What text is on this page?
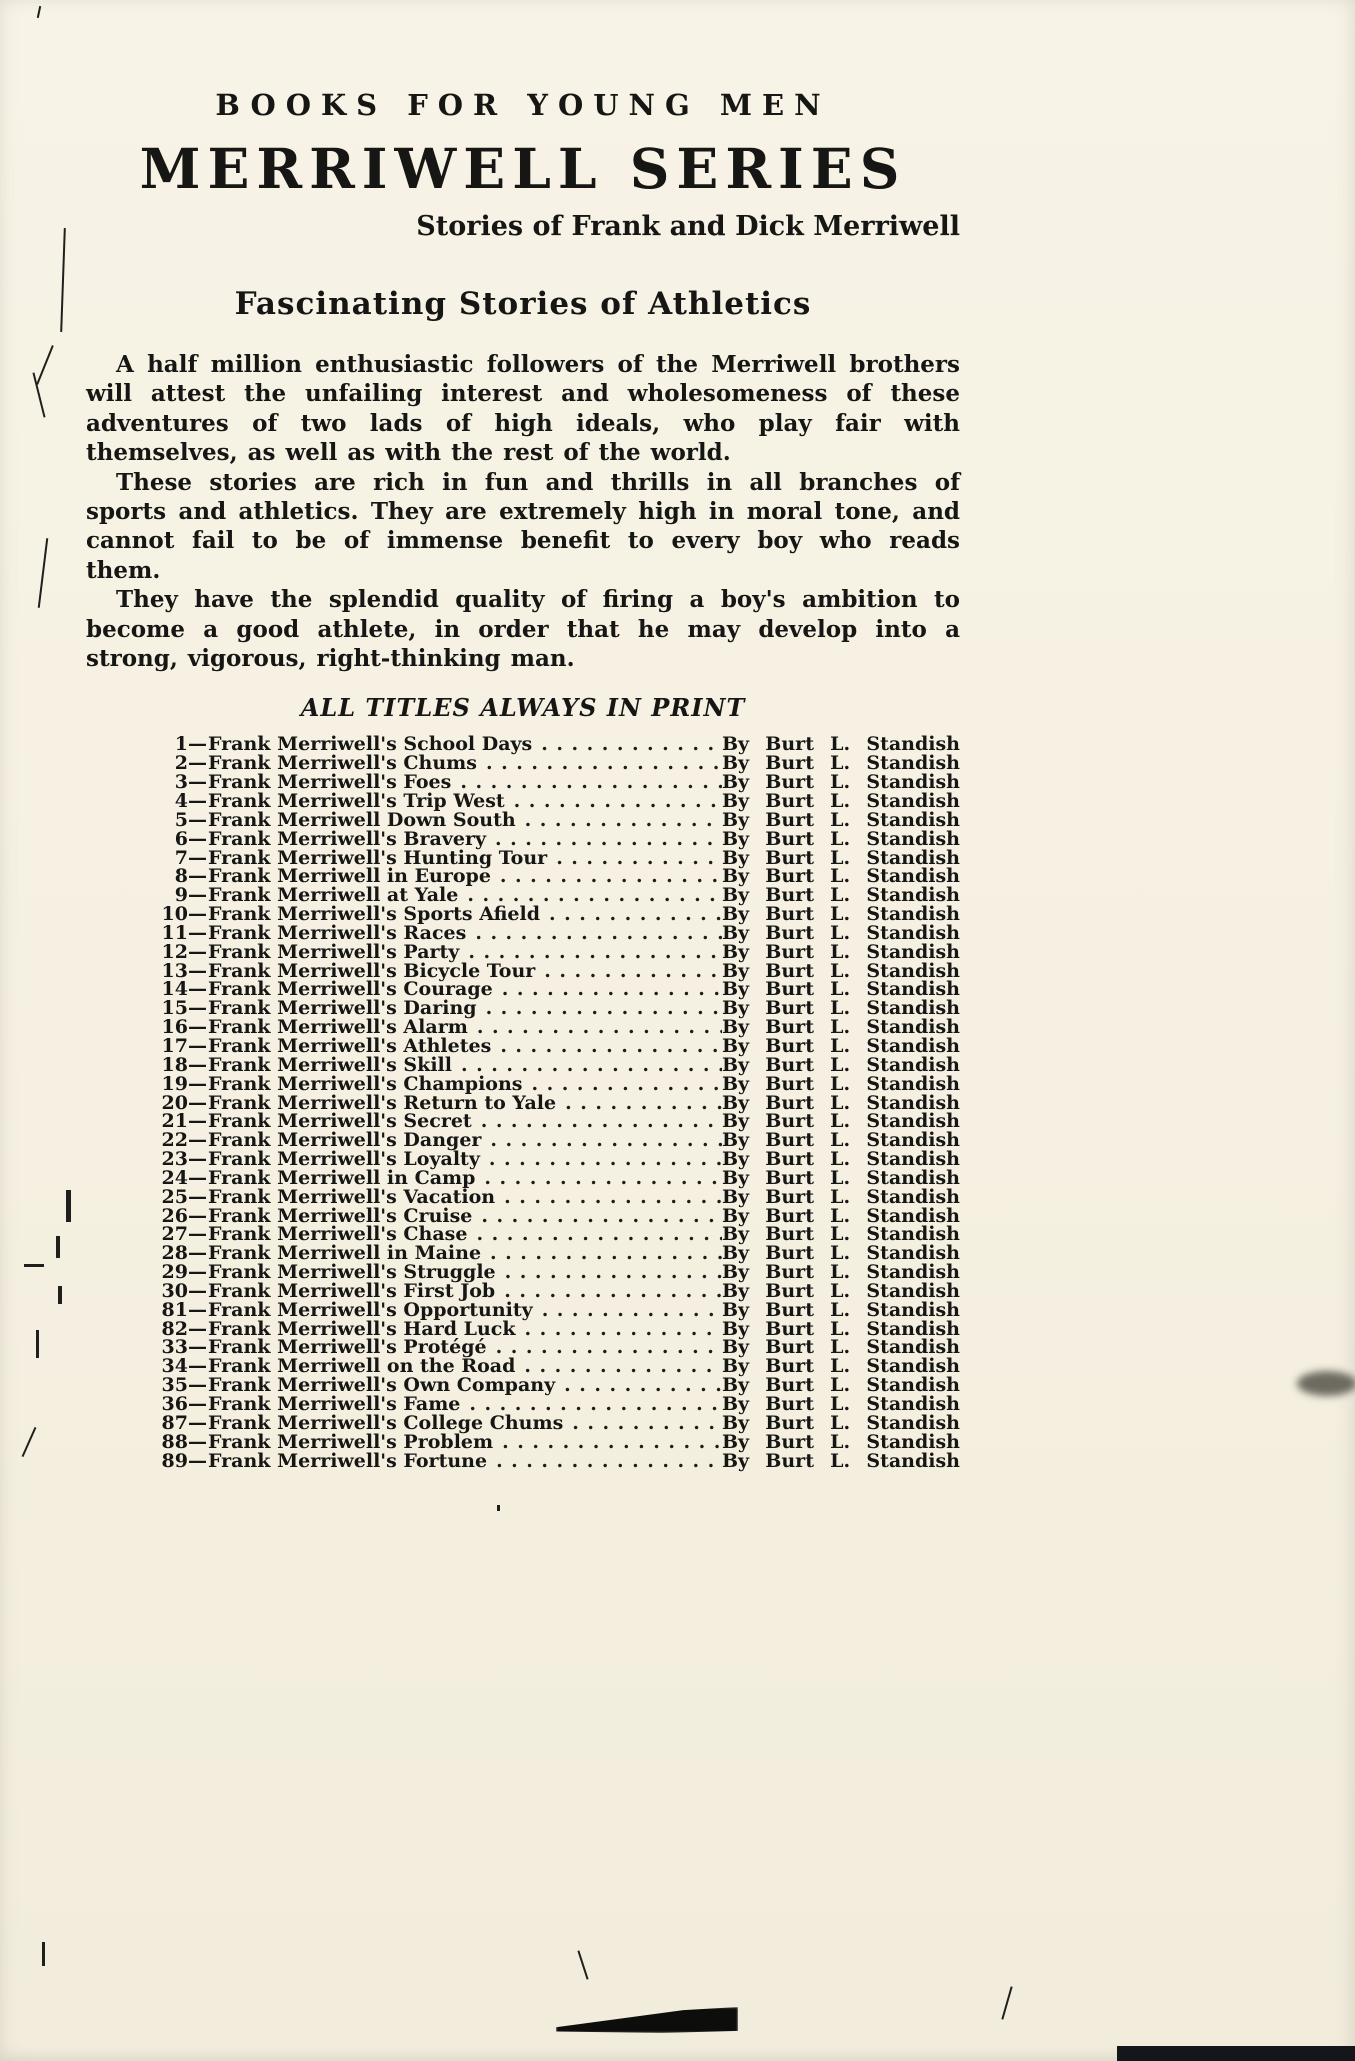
BOOKS FOR YOUNG MEN
MERRIWELL SERIES
Stories of Frank and Dick Merriwell
Fascinating Stories of Athletics

A half million enthusiastic followers of the Merriwell brothers will attest the unfailing interest and wholesomeness of these adventures of two lads of high ideals, who play fair with themselves, as well as with the rest of the world.

These stories are rich in fun and thrills in all branches of sports and athletics. They are extremely high in moral tone, and cannot fail to be of immense benefit to every boy who reads them.

They have the splendid quality of firing a boy's ambition to become a good athlete, in order that he may develop into a strong, vigorous, right-thinking man.

ALL TITLES ALWAYS IN PRINT
1 — Frank Merriwell's School Days .....	By Burt L. Standish
2 — Frank Merriwell's Chums .....	By Burt L. Standish
3 — Frank Merriwell's Foes .....	By Burt L. Standish
4 — Frank Merriwell's Trip West .....	By Burt L. Standish
5 — Frank Merriwell Down South .....	By Burt L. Standish
6 — Frank Merriwell's Bravery .....	By Burt L. Standish
7 — Frank Merriwell's Hunting Tour .....	By Burt L. Standish
8 — Frank Merriwell in Europe .....	By Burt L. Standish
9 — Frank Merriwell at Yale .....	By Burt L. Standish
10 — Frank Merriwell's Sports Afield .....	By Burt L. Standish
11 — Frank Merriwell's Races .....	By Burt L. Standish
12 — Frank Merriwell's Party .....	By Burt L. Standish
13 — Frank Merriwell's Bicycle Tour .....	By Burt L. Standish
14 — Frank Merriwell's Courage .....	By Burt L. Standish
15 — Frank Merriwell's Daring .....	By Burt L. Standish
16 — Frank Merriwell's Alarm .....	By Burt L. Standish
17 — Frank Merriwell's Athletes .....	By Burt L. Standish
18 — Frank Merriwell's Skill .....	By Burt L. Standish
19 — Frank Merriwell's Champions .....	By Burt L. Standish
20 — Frank Merriwell's Return to Yale .....	By Burt L. Standish
21 — Frank Merriwell's Secret .....	By Burt L. Standish
22 — Frank Merriwell's Danger .....	By Burt L. Standish
23 — Frank Merriwell's Loyalty .....	By Burt L. Standish
24 — Frank Merriwell in Camp .....	By Burt L. Standish
25 — Frank Merriwell's Vacation .....	By Burt L. Standish
26 — Frank Merriwell's Cruise .....	By Burt L. Standish
27 — Frank Merriwell's Chase .....	By Burt L. Standish
28 — Frank Merriwell in Maine .....	By Burt L. Standish
29 — Frank Merriwell's Struggle .....	By Burt L. Standish
30 — Frank Merriwell's First Job .....	By Burt L. Standish
81 — Frank Merriwell's Opportunity .....	By Burt L. Standish
82 — Frank Merriwell's Hard Luck .....	By Burt L. Standish
33 — Frank Merriwell's Protégé .....	By Burt L. Standish
34 — Frank Merriwell on the Road .....	By Burt L. Standish
35 — Frank Merriwell's Own Company .....	By Burt L. Standish
36 — Frank Merriwell's Fame .....	By Burt L. Standish
87 — Frank Merriwell's College Chums .....	By Burt L. Standish
88 — Frank Merriwell's Problem .....	By Burt L. Standish
89 — Frank Merriwell's Fortune .....	By Burt L. Standish
